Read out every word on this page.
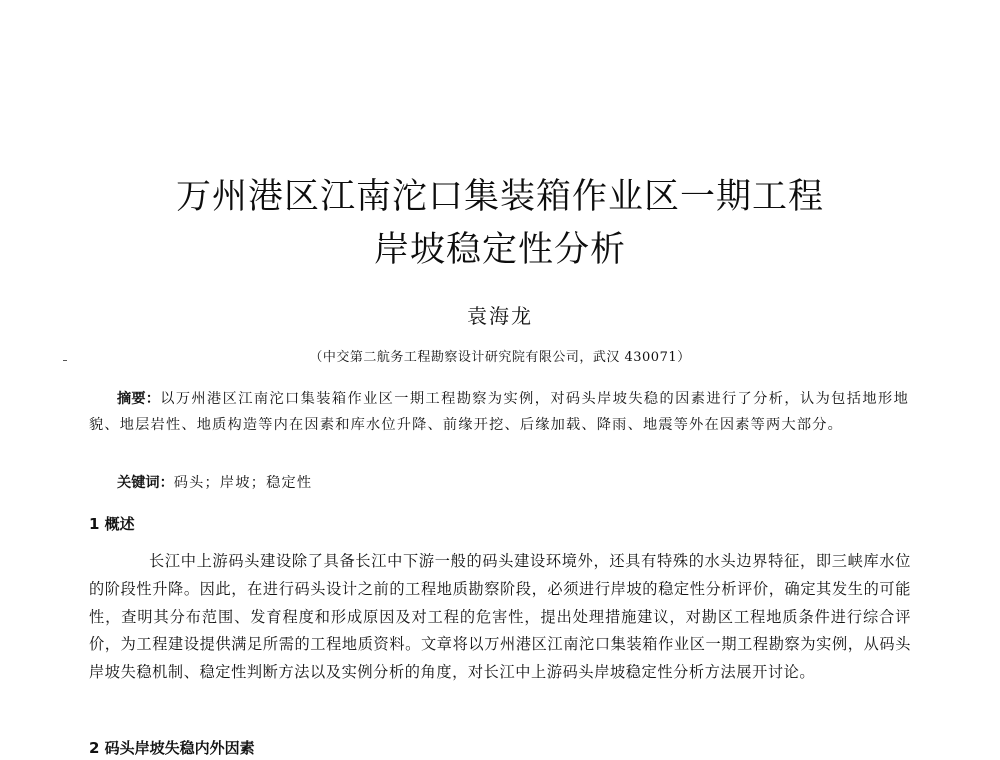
万州港区江南沱口集装箱作业区一期工程
岸坡稳定性分析
袁海龙
（中交第二航务工程勘察设计研究院有限公司，武汉 430071）
摘要：以万州港区江南沱口集装箱作业区一期工程勘察为实例，对码头岸坡失稳的因素进行了分析，认为包括地形地貌、地层岩性、地质构造等内在因素和库水位升降、前缘开挖、后缘加载、降雨、地震等外在因素等两大部分。
关键词：码头；岸坡；稳定性
1 概述
长江中上游码头建设除了具备长江中下游一般的码头建设环境外，还具有特殊的水头边界特征，即三峡库水位的阶段性升降。因此，在进行码头设计之前的工程地质勘察阶段，必须进行岸坡的稳定性分析评价，确定其发生的可能性，查明其分布范围、发育程度和形成原因及对工程的危害性，提出处理措施建议，对勘区工程地质条件进行综合评价，为工程建设提供满足所需的工程地质资料。文章将以万州港区江南沱口集装箱作业区一期工程勘察为实例，从码头岸坡失稳机制、稳定性判断方法以及实例分析的角度，对长江中上游码头岸坡稳定性分析方法展开讨论。
2 码头岸坡失稳内外因素
